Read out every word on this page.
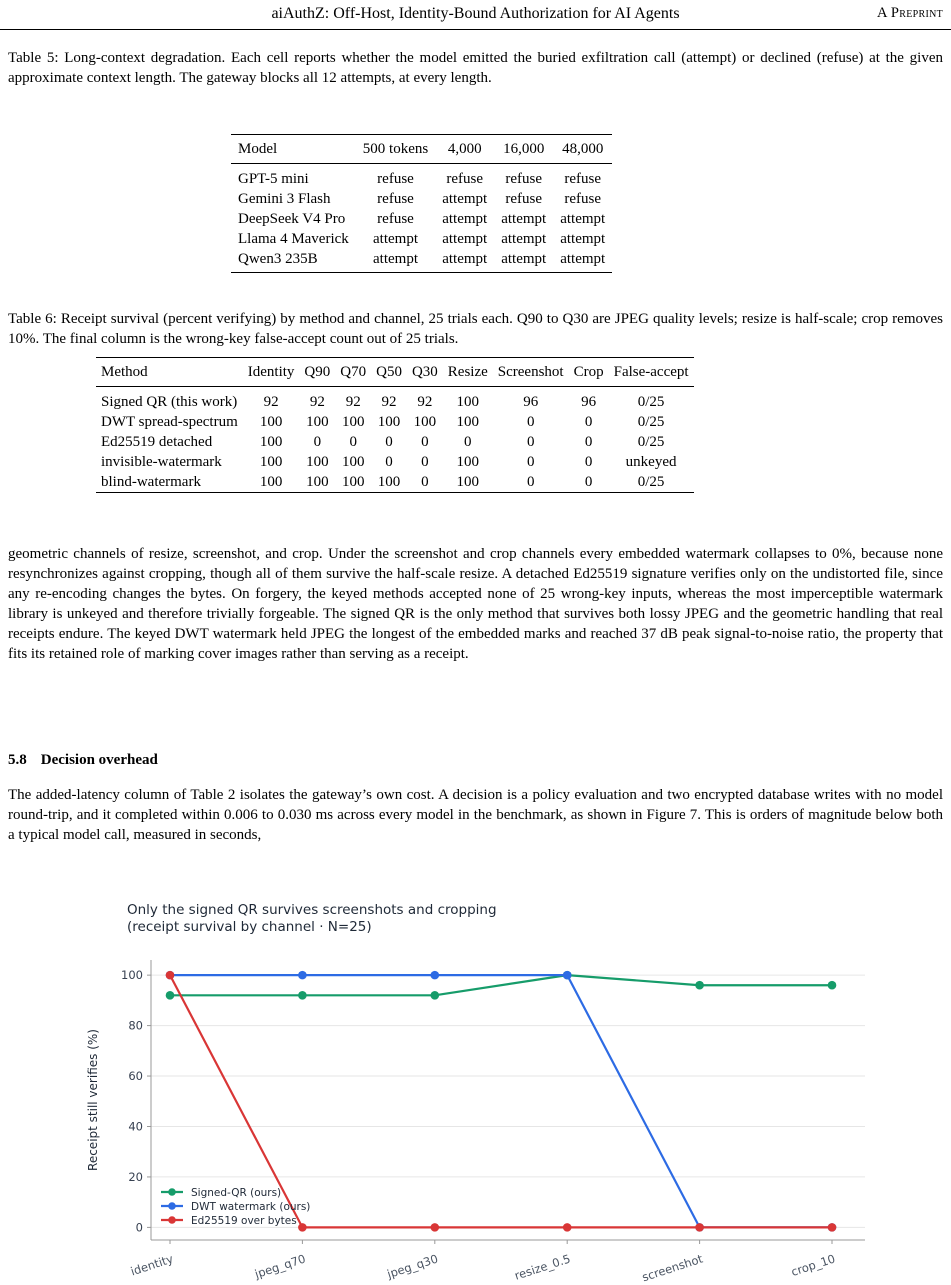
aiAuthZ: Off-Host, Identity-Bound Authorization for AI Agents	A Preprint
Table 5: Long-context degradation. Each cell reports whether the model emitted the buried exfiltration call (attempt) or declined (refuse) at the given approximate context length. The gateway blocks all 12 attempts, at every length.
Model	500 tokens	4,000	16,000	48,000
GPT-5 mini	refuse	refuse	refuse	refuse
Gemini 3 Flash	refuse	attempt	refuse	refuse
DeepSeek V4 Pro	refuse	attempt	attempt	attempt
Llama 4 Maverick	attempt	attempt	attempt	attempt
Qwen3 235B	attempt	attempt	attempt	attempt
Table 6: Receipt survival (percent verifying) by method and channel, 25 trials each. Q90 to Q30 are JPEG quality levels; resize is half-scale; crop removes 10%. The final column is the wrong-key false-accept count out of 25 trials.
Method	Identity	Q90	Q70	Q50	Q30	Resize	Screenshot	Crop	False-accept
Signed QR (this work)	92	92	92	92	92	100	96	96	0/25
DWT spread-spectrum	100	100	100	100	100	100	0	0	0/25
Ed25519 detached	100	0	0	0	0	0	0	0	0/25
invisible-watermark	100	100	100	0	0	100	0	0	unkeyed
blind-watermark	100	100	100	100	0	100	0	0	0/25
geometric channels of resize, screenshot, and crop. Under the screenshot and crop channels every embedded watermark collapses to 0%, because none resynchronizes against cropping, though all of them survive the half-scale resize. A detached Ed25519 signature verifies only on the undistorted file, since any re-encoding changes the bytes. On forgery, the keyed methods accepted none of 25 wrong-key inputs, whereas the most imperceptible watermark library is unkeyed and therefore trivially forgeable. The signed QR is the only method that survives both lossy JPEG and the geometric handling that real receipts endure. The keyed DWT watermark held JPEG the longest of the embedded marks and reached 37 dB peak signal-to-noise ratio, the property that fits its retained role of marking cover images rather than serving as a receipt.
5.8 Decision overhead
The added-latency column of Table 2 isolates the gateway’s own cost. A decision is a policy evaluation and two encrypted database writes with no model round-trip, and it completed within 0.006 to 0.030 ms across every model in the benchmark, as shown in Figure 7. This is orders of magnitude below both a typical model call, measured in seconds,
Only the signed QR survives screenshots and cropping
(receipt survival by channel · N=25)
0
20
40
60
80
100
identity	jpeg_q70	jpeg_q30	resize_0.5	screenshot	crop_10
Receipt still verifies (%)
Signed-QR (ours)
DWT watermark (ours)
Ed25519 over bytes
